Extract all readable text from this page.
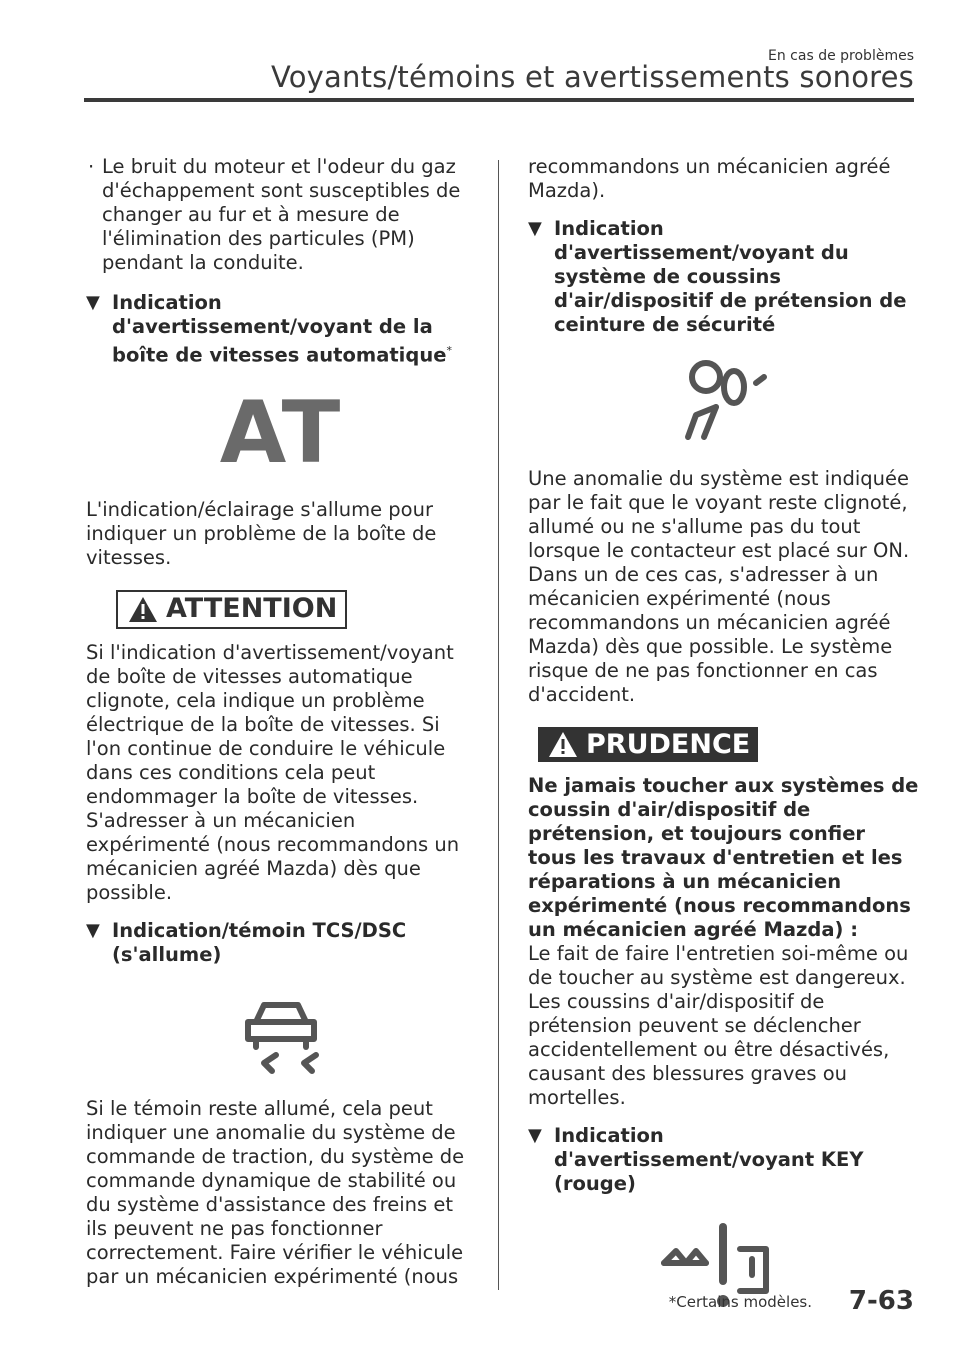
En cas de problèmes
Voyants/témoins et avertissements sonores
· Le bruit du moteur et l'odeur du gaz d'échappement sont susceptibles de changer au fur et à mesure de l'élimination des particules (PM) pendant la conduite.
▼ Indication d'avertissement/voyant de la boîte de vitesses automatique*
AT

L'indication/éclairage s'allume pour indiquer un problème de la boîte de vitesses.

ATTENTION

Si l'indication d'avertissement/voyant de boîte de vitesses automatique clignote, cela indique un problème électrique de la boîte de vitesses. Si l'on continue de conduire le véhicule dans ces conditions cela peut endommager la boîte de vitesses. S'adresser à un mécanicien expérimenté (nous recommandons un mécanicien agréé Mazda) dès que possible.

▼ Indication/témoin TCS/DSC (s'allume)

Si le témoin reste allumé, cela peut indiquer une anomalie du système de commande de traction, du système de commande dynamique de stabilité ou du système d'assistance des freins et ils peuvent ne pas fonctionner correctement. Faire vérifier le véhicule par un mécanicien expérimenté (nous

recommandons un mécanicien agréé Mazda).

▼ Indication d'avertissement/voyant du système de coussins d'air/dispositif de prétension de ceinture de sécurité

Une anomalie du système est indiquée par le fait que le voyant reste clignoté, allumé ou ne s'allume pas du tout lorsque le contacteur est placé sur ON. Dans un de ces cas, s'adresser à un mécanicien expérimenté (nous recommandons un mécanicien agréé Mazda) dès que possible. Le système risque de ne pas fonctionner en cas d'accident.

PRUDENCE

Ne jamais toucher aux systèmes de coussin d'air/dispositif de prétension, et toujours confier tous les travaux d'entretien et les réparations à un mécanicien expérimenté (nous recommandons un mécanicien agréé Mazda) :

Le fait de faire l'entretien soi-même ou de toucher au système est dangereux. Les coussins d'air/dispositif de prétension peuvent se déclencher accidentellement ou être désactivés, causant des blessures graves ou mortelles.

▼ Indication d'avertissement/voyant KEY (rouge)
*Certains modèles. 7-63
